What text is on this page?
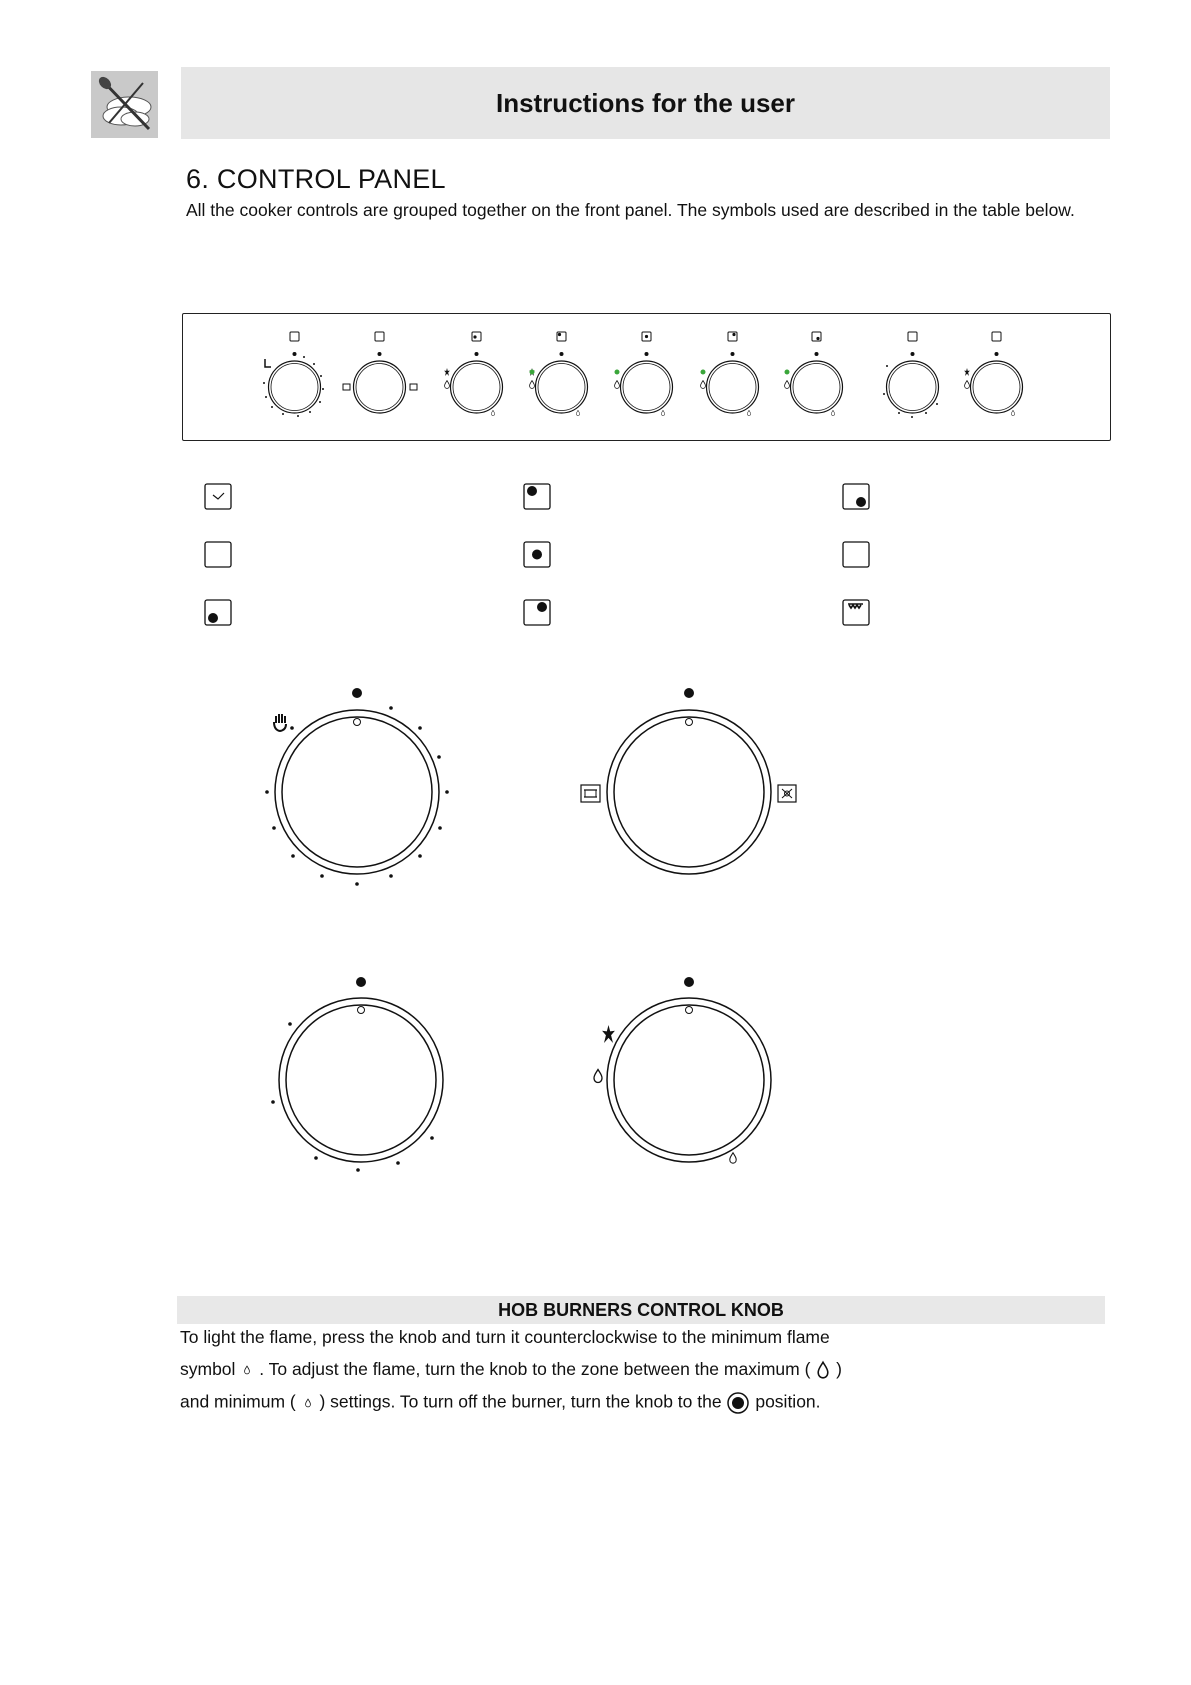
Instructions for the user
6. CONTROL PANEL
All the cooker controls are grouped together on the front panel. The symbols used are described in the table below.
HOB BURNERS CONTROL KNOB
To light the flame, press the knob and turn it counterclockwise to the minimum flame
symbol . To adjust the flame, turn the knob to the zone between the maximum ( )
and minimum ( ) settings. To turn off the burner, turn the knob to the position.
